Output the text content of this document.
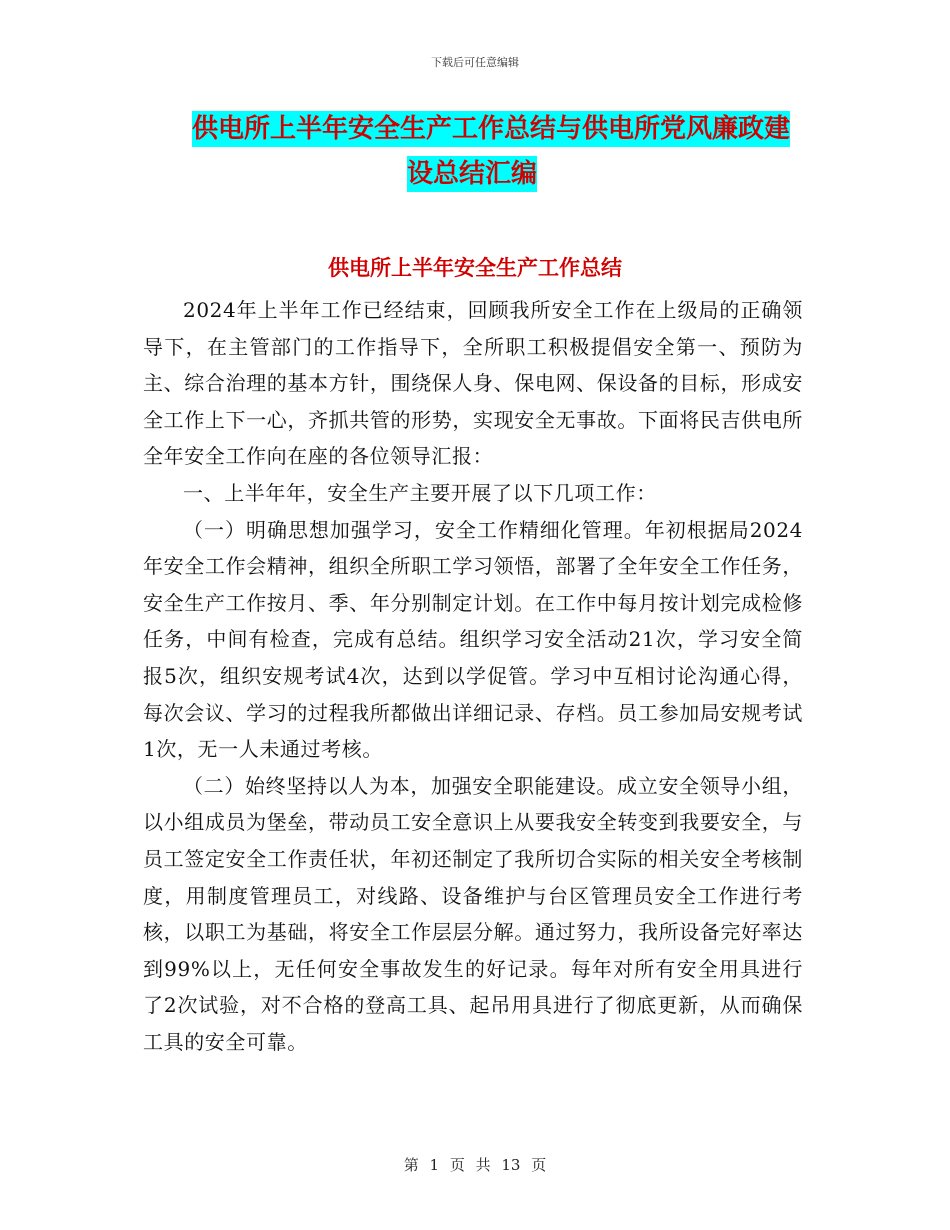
下载后可任意编辑
供电所上半年安全生产工作总结与供电所党风廉政建
设总结汇编
供电所上半年安全生产工作总结

2024年上半年工作已经结束，回顾我所安全工作在上级局的正确领导下，在主管部门的工作指导下，全所职工积极提倡安全第一、预防为主、综合治理的基本方针，围绕保人身、保电网、保设备的目标，形成安全工作上下一心，齐抓共管的形势，实现安全无事故。下面将民吉供电所全年安全工作向在座的各位领导汇报：

一、上半年年，安全生产主要开展了以下几项工作：

（一）明确思想加强学习，安全工作精细化管理。年初根据局2024年安全工作会精神，组织全所职工学习领悟，部署了全年安全工作任务，安全生产工作按月、季、年分别制定计划。在工作中每月按计划完成检修任务，中间有检查，完成有总结。组织学习安全活动21次，学习安全简报5次，组织安规考试4次，达到以学促管。学习中互相讨论沟通心得，每次会议、学习的过程我所都做出详细记录、存档。员工参加局安规考试1次，无一人未通过考核。

（二）始终坚持以人为本，加强安全职能建设。成立安全领导小组，以小组成员为堡垒，带动员工安全意识上从要我安全转变到我要安全，与员工签定安全工作责任状，年初还制定了我所切合实际的相关安全考核制度，用制度管理员工，对线路、设备维护与台区管理员安全工作进行考核，以职工为基础，将安全工作层层分解。通过努力，我所设备完好率达到99%以上，无任何安全事故发生的好记录。每年对所有安全用具进行了2次试验，对不合格的登高工具、起吊用具进行了彻底更新，从而确保工具的安全可靠。

第 1 页 共 13 页
